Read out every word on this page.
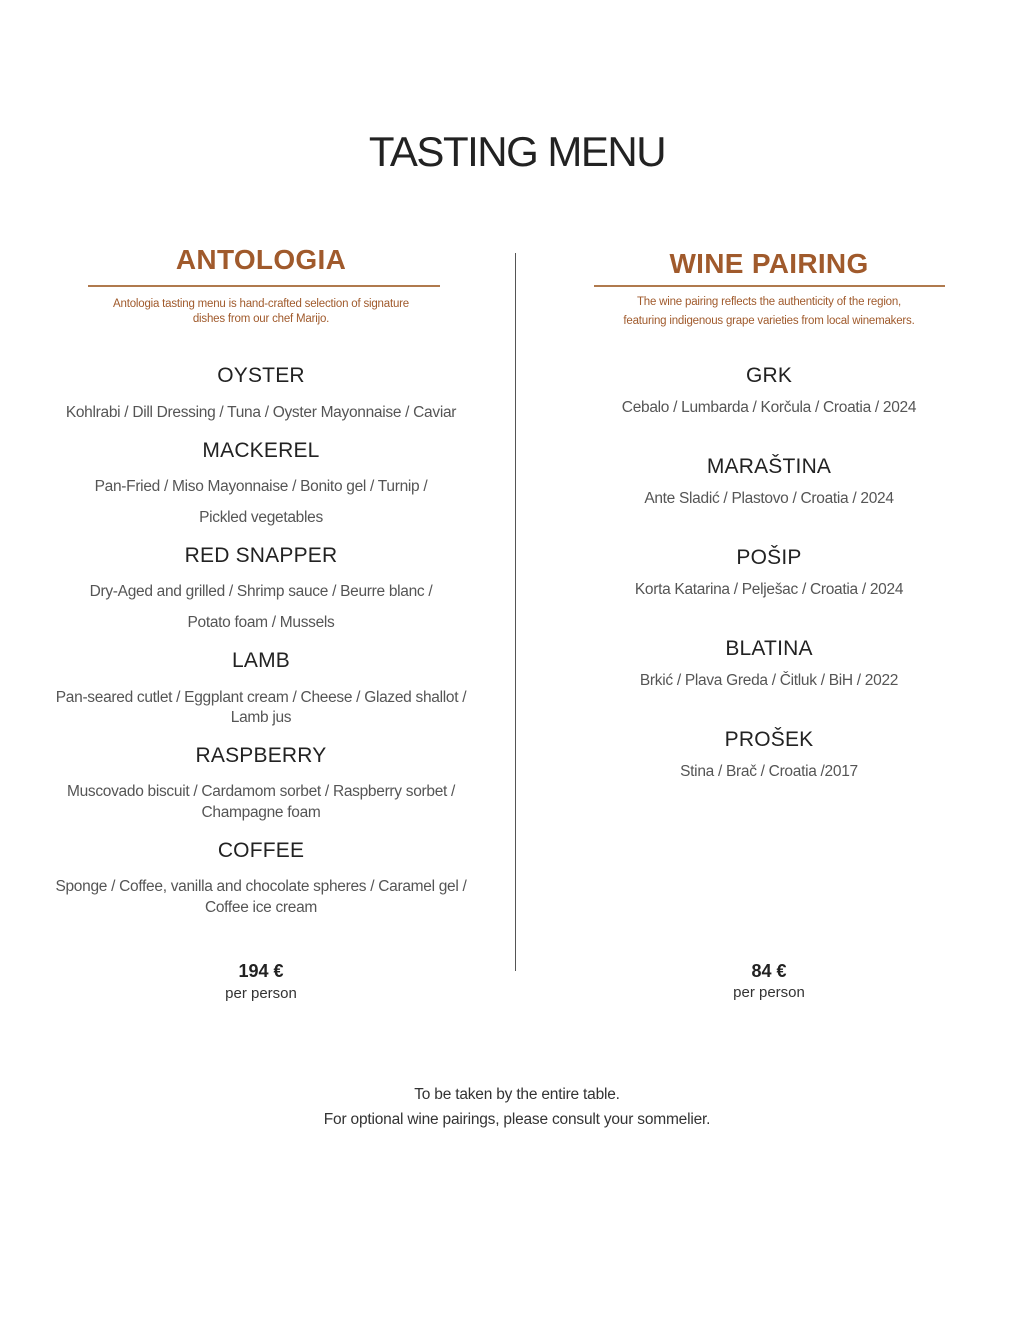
TASTING MENU
ANTOLOGIA
Antologia tasting menu is hand-crafted selection of signature
dishes from our chef Marijo.
OYSTER
Kohlrabi / Dill Dressing / Tuna / Oyster Mayonnaise / Caviar
MACKEREL
Pan-Fried / Miso Mayonnaise / Bonito gel / Turnip /
Pickled vegetables
RED SNAPPER
Dry-Aged and grilled / Shrimp sauce / Beurre blanc /
Potato foam / Mussels
LAMB
Pan-seared cutlet / Eggplant cream / Cheese / Glazed shallot /
Lamb jus
RASPBERRY
Muscovado biscuit / Cardamom sorbet / Raspberry sorbet /
Champagne foam
COFFEE
Sponge / Coffee, vanilla and chocolate spheres / Caramel gel /
Coffee ice cream
194 €
per person
WINE PAIRING
The wine pairing reflects the authenticity of the region,
featuring indigenous grape varieties from local winemakers.
GRK
Cebalo / Lumbarda / Korčula / Croatia / 2024
MARAŠTINA
Ante Sladić / Plastovo / Croatia / 2024
POŠIP
Korta Katarina / Pelješac / Croatia / 2024
BLATINA
Brkić / Plava Greda / Čitluk / BiH / 2022
PROŠEK
Stina / Brač / Croatia /2017
84 €
per person
To be taken by the entire table.
For optional wine pairings, please consult your sommelier.
